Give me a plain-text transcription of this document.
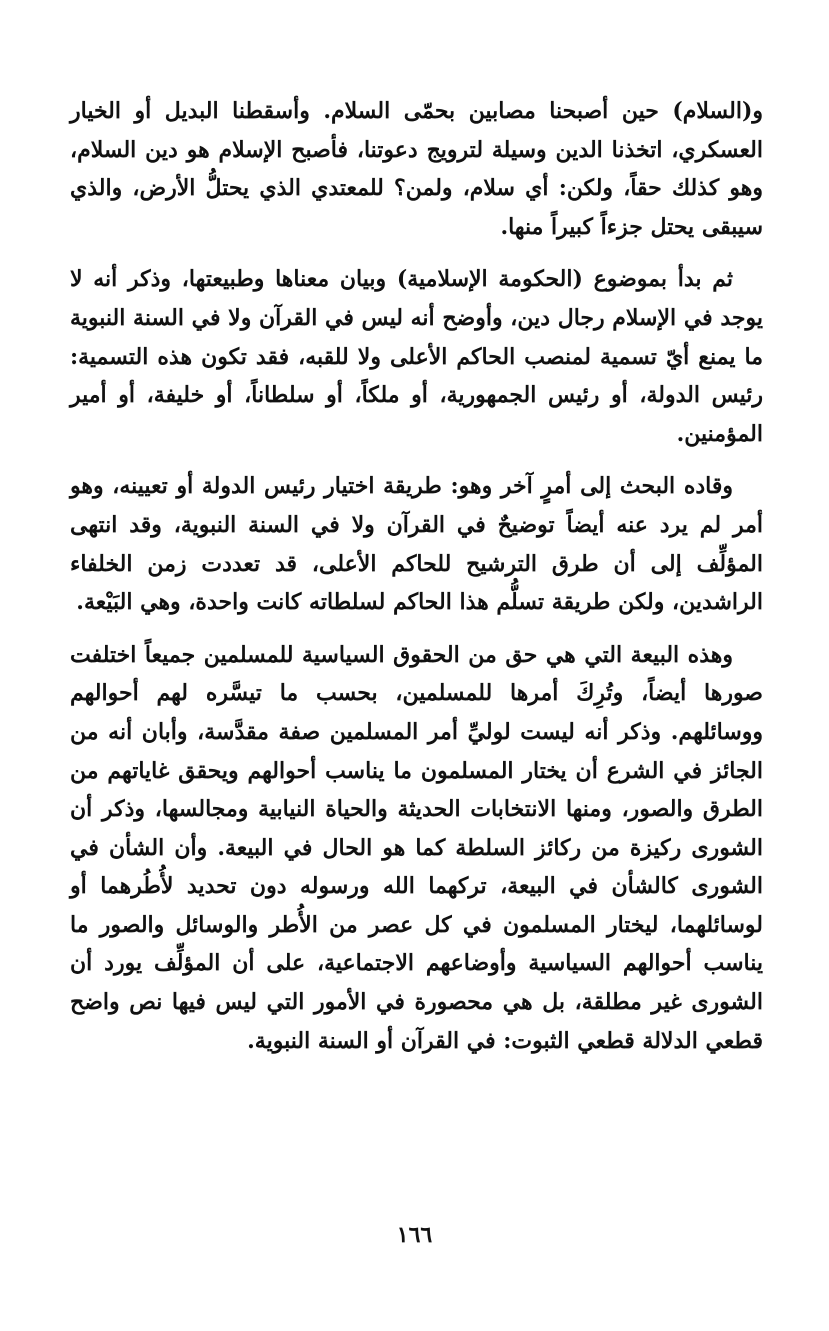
و(السلام) حين أصبحنا مصابين بحمّى السلام. وأسقطنا البديل أو الخيار العسكري، اتخذنا الدين وسيلة لترويج دعوتنا، فأصبح الإسلام هو دين السلام، وهو كذلك حقاً، ولكن: أي سلام، ولمن؟ للمعتدي الذي يحتلُّ الأرض، والذي سيبقى يحتل جزءاً كبيراً منها.

ثم بدأ بموضوع (الحكومة الإسلامية) وبيان معناها وطبيعتها، وذكر أنه لا يوجد في الإسلام رجال دين، وأوضح أنه ليس في القرآن ولا في السنة النبوية ما يمنع أيّ تسمية لمنصب الحاكم الأعلى ولا للقبه، فقد تكون هذه التسمية: رئيس الدولة، أو رئيس الجمهورية، أو ملكاً، أو سلطاناً، أو خليفة، أو أمير المؤمنين.

وقاده البحث إلى أمرٍ آخر وهو: طريقة اختيار رئيس الدولة أو تعيينه، وهو أمر لم يرد عنه أيضاً توضيحٌ في القرآن ولا في السنة النبوية، وقد انتهى المؤلِّف إلى أن طرق الترشيح للحاكم الأعلى، قد تعددت زمن الخلفاء الراشدين، ولكن طريقة تسلُّم هذا الحاكم لسلطاته كانت واحدة، وهي البَيْعة.

وهذه البيعة التي هي حق من الحقوق السياسية للمسلمين جميعاً اختلفت صورها أيضاً، وتُرِكَ أمرها للمسلمين، بحسب ما تيسَّره لهم أحوالهم ووسائلهم. وذكر أنه ليست لوليِّ أمر المسلمين صفة مقدَّسة، وأبان أنه من الجائز في الشرع أن يختار المسلمون ما يناسب أحوالهم ويحقق غاياتهم من الطرق والصور، ومنها الانتخابات الحديثة والحياة النيابية ومجالسها، وذكر أن الشورى ركيزة من ركائز السلطة كما هو الحال في البيعة. وأن الشأن في الشورى كالشأن في البيعة، تركهما الله ورسوله دون تحديد لأُطُرهما أو لوسائلهما، ليختار المسلمون في كل عصر من الأُطر والوسائل والصور ما يناسب أحوالهم السياسية وأوضاعهم الاجتماعية، على أن المؤلِّف يورد أن الشورى غير مطلقة، بل هي محصورة في الأمور التي ليس فيها نص واضح قطعي الدلالة قطعي الثبوت: في القرآن أو السنة النبوية.

١٦٦
